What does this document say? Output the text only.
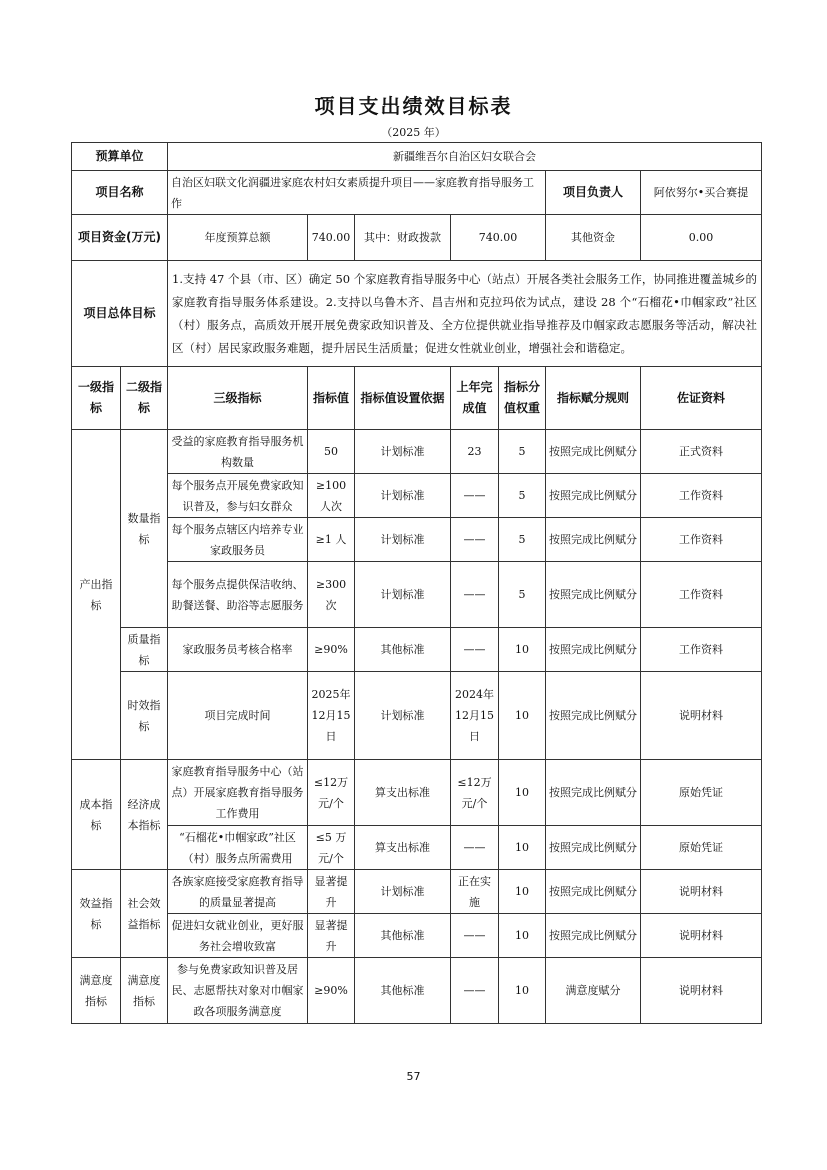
项目支出绩效目标表
（2025 年）
预算单位		新疆维吾尔自治区妇女联合会						
项目名称		自治区妇联文化润疆进家庭农村妇女素质提升项目——家庭教育指导服务工作					项目负责人	阿依努尔•买合赛提
项目资金(万元)		年度预算总额	740.00	其中：财政拨款	740.00		其他资金	0.00
项目总体目标		1.支持 47 个县（市、区）确定 50 个家庭教育指导服务中心（站点）开展各类社会服务工作，协同推进覆盖城乡的家庭教育指导服务体系建设。2.支持以乌鲁木齐、昌吉州和克拉玛依为试点，建设 28 个“石榴花•巾帼家政”社区（村）服务点，高质效开展开展免费家政知识普及、全方位提供就业指导推荐及巾帼家政志愿服务等活动，解决社区（村）居民家政服务难题，提升居民生活质量；促进女性就业创业，增强社会和谐稳定。						
一级指标	二级指标	三级指标	指标值	指标值设置依据	上年完成值	指标分值权重	指标赋分规则	佐证资料
产出指标	数量指标	受益的家庭教育指导服务机构数量	50	计划标准	23	5	按照完成比例赋分	正式资料
		每个服务点开展免费家政知识普及，参与妇女群众	≥100人次	计划标准	——	5	按照完成比例赋分	工作资料
		每个服务点辖区内培养专业家政服务员	≥1 人	计划标准	——	5	按照完成比例赋分	工作资料
		每个服务点提供保洁收纳、助餐送餐、助浴等志愿服务	≥300次	计划标准	——	5	按照完成比例赋分	工作资料
	质量指标	家政服务员考核合格率	≥90%	其他标准	——	10	按照完成比例赋分	工作资料
	时效指标	项目完成时间	2025年12月15日	计划标准	2024年12月15日	10	按照完成比例赋分	说明材料
成本指标	经济成本指标	家庭教育指导服务中心（站点）开展家庭教育指导服务工作费用	≤12万元/个	算支出标准	≤12万元/个	10	按照完成比例赋分	原始凭证
		“石榴花•巾帼家政”社区（村）服务点所需费用	≤5 万元/个	算支出标准	——	10	按照完成比例赋分	原始凭证
效益指标	社会效益指标	各族家庭接受家庭教育指导的质量显著提高	显著提升	计划标准	正在实施	10	按照完成比例赋分	说明材料
		促进妇女就业创业，更好服务社会增收致富	显著提升	其他标准	——	10	按照完成比例赋分	说明材料
满意度指标	满意度指标	参与免费家政知识普及居民、志愿帮扶对象对巾帼家政各项服务满意度	≥90%	其他标准	——	10	满意度赋分	说明材料
57
